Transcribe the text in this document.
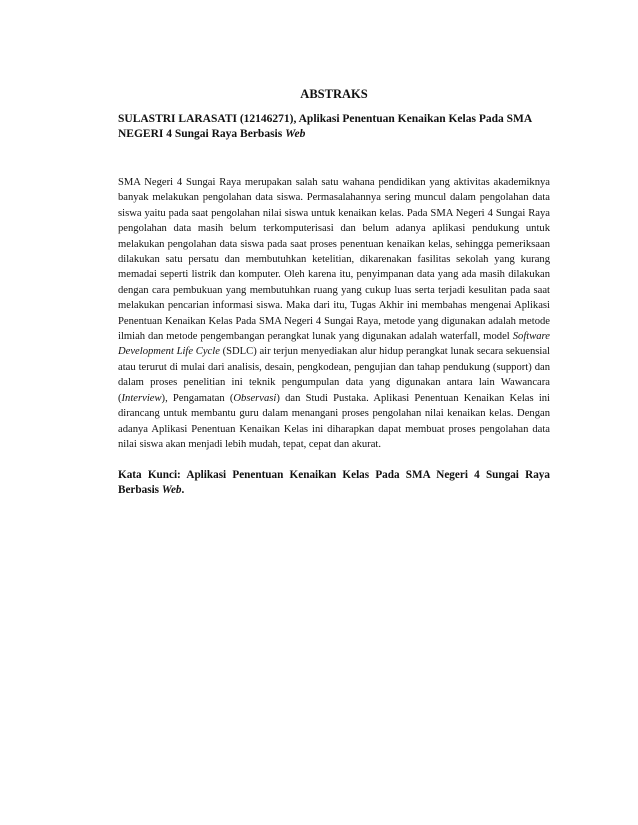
ABSTRAKS
SULASTRI LARASATI (12146271), Aplikasi Penentuan Kenaikan Kelas Pada SMA NEGERI 4 Sungai Raya Berbasis Web

SMA Negeri 4 Sungai Raya merupakan salah satu wahana pendidikan yang aktivitas akademiknya banyak melakukan pengolahan data siswa. Permasalahannya sering muncul dalam pengolahan data siswa yaitu pada saat pengolahan nilai siswa untuk kenaikan kelas. Pada SMA Negeri 4 Sungai Raya pengolahan data masih belum terkomputerisasi dan belum adanya aplikasi pendukung untuk melakukan pengolahan data siswa pada saat proses penentuan kenaikan kelas, sehingga pemeriksaan dilakukan satu persatu dan membutuhkan ketelitian, dikarenakan fasilitas sekolah yang kurang memadai seperti listrik dan komputer. Oleh karena itu, penyimpanan data yang ada masih dilakukan dengan cara pembukuan yang membutuhkan ruang yang cukup luas serta terjadi kesulitan pada saat melakukan pencarian informasi siswa. Maka dari itu, Tugas Akhir ini membahas mengenai Aplikasi Penentuan Kenaikan Kelas Pada SMA Negeri 4 Sungai Raya, metode yang digunakan adalah metode ilmiah dan metode pengembangan perangkat lunak yang digunakan adalah waterfall, model Software Development Life Cycle (SDLC) air terjun menyediakan alur hidup perangkat lunak secara sekuensial atau terurut di mulai dari analisis, desain, pengkodean, pengujian dan tahap pendukung (support) dan dalam proses penelitian ini teknik pengumpulan data yang digunakan antara lain Wawancara (Interview), Pengamatan (Observasi) dan Studi Pustaka. Aplikasi Penentuan Kenaikan Kelas ini dirancang untuk membantu guru dalam menangani proses pengolahan nilai kenaikan kelas. Dengan adanya Aplikasi Penentuan Kenaikan Kelas ini diharapkan dapat membuat proses pengolahan data nilai siswa akan menjadi lebih mudah, tepat, cepat dan akurat.

Kata Kunci: Aplikasi Penentuan Kenaikan Kelas Pada SMA Negeri 4 Sungai Raya Berbasis Web.
